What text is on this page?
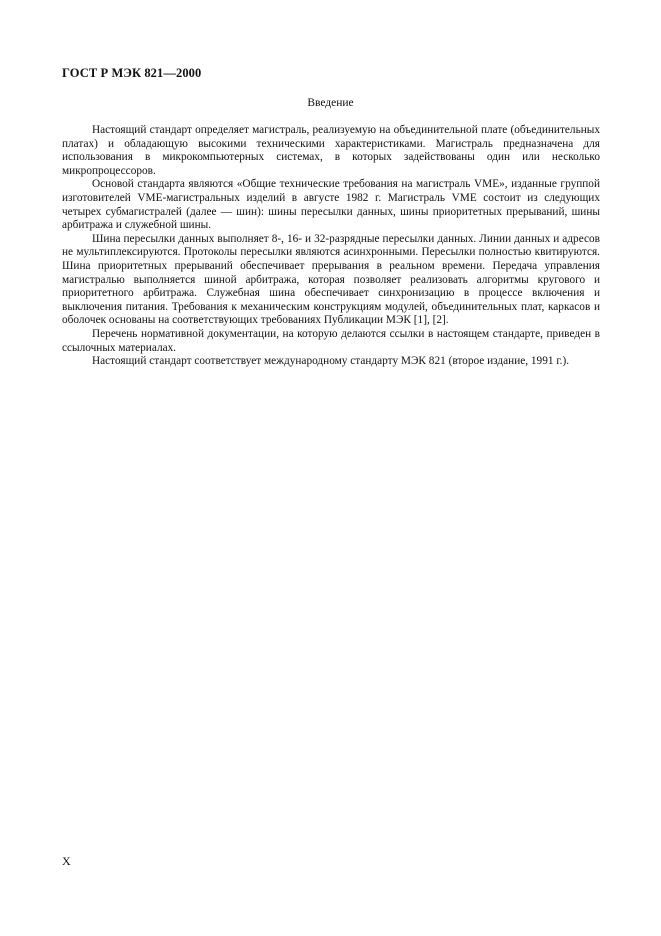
ГОСТ Р МЭК 821—2000
Введение

Настоящий стандарт определяет магистраль, реализуемую на объединительной плате (объединительных платах) и обладающую высокими техническими характеристиками. Магистраль предназначена для использования в микрокомпьютерных системах, в которых задействованы один или несколько микропроцессоров.

Основой стандарта являются «Общие технические требования на магистраль VME», изданные группой изготовителей VME-магистральных изделий в августе 1982 г. Магистраль VME состоит из следующих четырех субмагистралей (далее — шин): шины пересылки данных, шины приоритетных прерываний, шины арбитража и служебной шины.

Шина пересылки данных выполняет 8-, 16- и 32-разрядные пересылки данных. Линии данных и адресов не мультиплексируются. Протоколы пересылки являются асинхронными. Пересылки полностью квитируются. Шина приоритетных прерываний обеспечивает прерывания в реальном времени. Передача управления магистралью выполняется шиной арбитража, которая позволяет реализовать алгоритмы кругового и приоритетного арбитража. Служебная шина обеспечивает синхронизацию в процессе включения и выключения питания. Требования к механическим конструкциям модулей, объединительных плат, каркасов и оболочек основаны на соответствующих требованиях Публикации МЭК [1], [2].

Перечень нормативной документации, на которую делаются ссылки в настоящем стандарте, приведен в ссылочных материалах.

Настоящий стандарт соответствует международному стандарту МЭК 821 (второе издание, 1991 г.).

X
